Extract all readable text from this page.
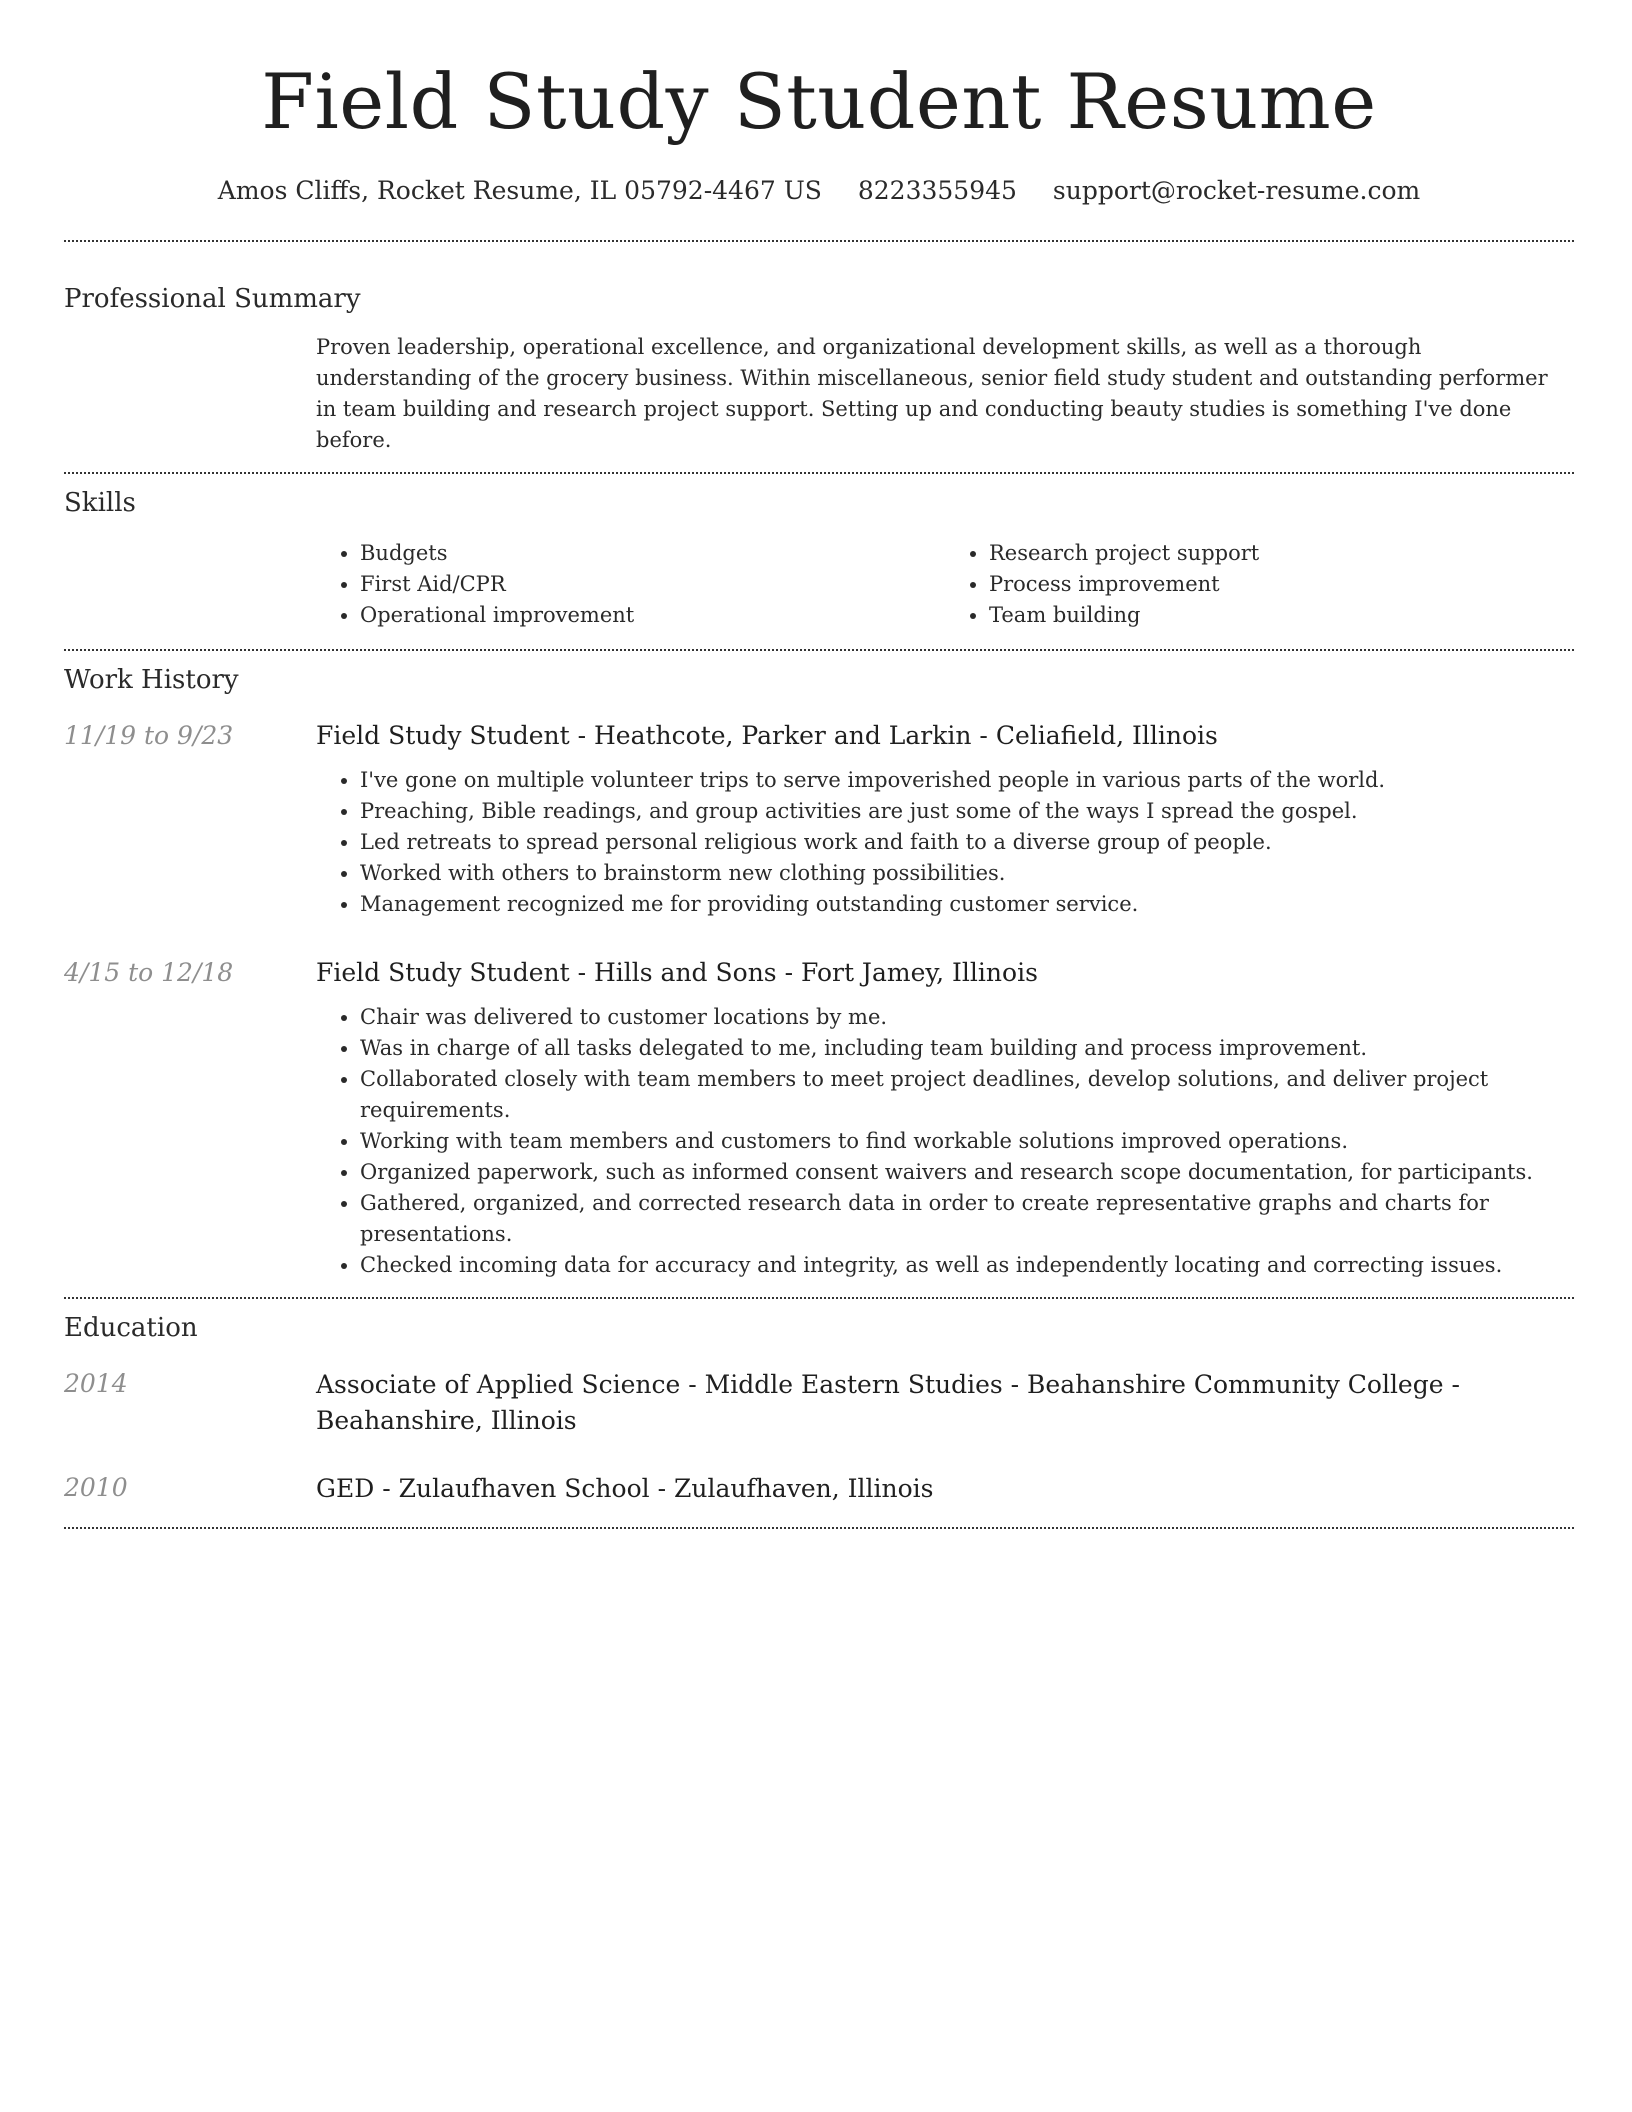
Field Study Student Resume
Amos Cliffs, Rocket Resume, IL 05792-4467 US 8223355945 support@rocket-resume.com
Professional Summary

Proven leadership, operational excellence, and organizational development skills, as well as a thorough understanding of the grocery business. Within miscellaneous, senior field study student and outstanding performer in team building and research project support. Setting up and conducting beauty studies is something I've done before.

Skills
• Budgets
• First Aid/CPR
• Operational improvement
• Research project support
• Process improvement
• Team building
Work History
11/19 to 9/23	Field Study Student - Heathcote, Parker and Larkin - Celiafield, Illinois
• I've gone on multiple volunteer trips to serve impoverished people in various parts of the world.
• Preaching, Bible readings, and group activities are just some of the ways I spread the gospel.
• Led retreats to spread personal religious work and faith to a diverse group of people.
• Worked with others to brainstorm new clothing possibilities.
• Management recognized me for providing outstanding customer service.
4/15 to 12/18	Field Study Student - Hills and Sons - Fort Jamey, Illinois
• Chair was delivered to customer locations by me.
• Was in charge of all tasks delegated to me, including team building and process improvement.
• Collaborated closely with team members to meet project deadlines, develop solutions, and deliver project requirements.
• Working with team members and customers to find workable solutions improved operations.
• Organized paperwork, such as informed consent waivers and research scope documentation, for participants.
• Gathered, organized, and corrected research data in order to create representative graphs and charts for presentations.
• Checked incoming data for accuracy and integrity, as well as independently locating and correcting issues.
Education
2014	Associate of Applied Science - Middle Eastern Studies - Beahanshire Community College - Beahanshire, Illinois
2010	GED - Zulaufhaven School - Zulaufhaven, Illinois
